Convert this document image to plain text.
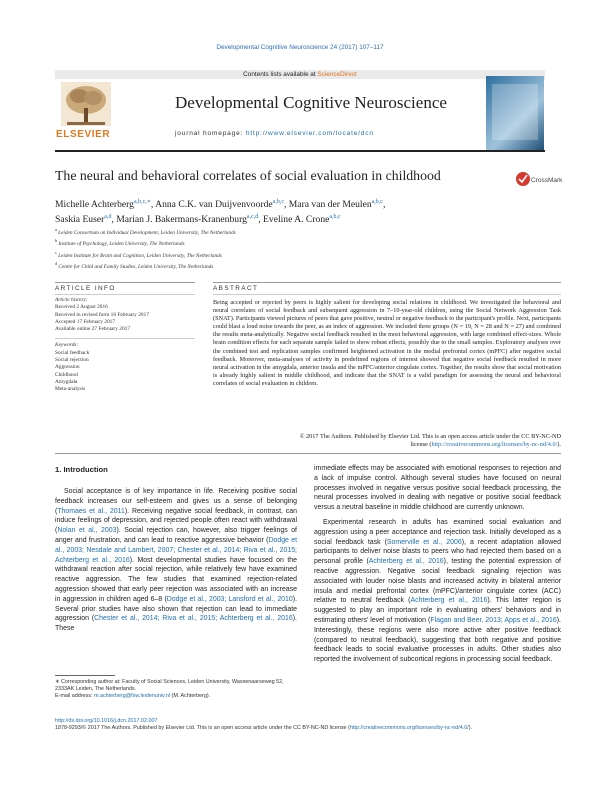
Developmental Cognitive Neuroscience 24 (2017) 107–117
Contents lists available at ScienceDirect
ELSEVIER
Developmental Cognitive Neuroscience
journal homepage: http://www.elsevier.com/locate/dcn
The neural and behavioral correlates of social evaluation in childhood	CrossMark
Michelle Achterberg$^{a,b,c,∗}$, Anna C.K. van Duijvenvoorde$^{a,b,c}$, Mara van der Meulen$^{a,b,c}$,
Saskia Euser$^{a,d}$, Marian J. Bakermans-Kranenburg$^{a,c,d}$, Eveline A. Crone$^{a,b,c}$
$^a$ Leiden Consortium on Individual Development, Leiden University, The Netherlands
$^b$ Institute of Psychology, Leiden University, The Netherlands
$^c$ Leiden Institute for Brain and Cognition, Leiden University, The Netherlands
$^d$ Centre for Child and Family Studies, Leiden University, The Netherlands
ARTICLE INFO	ABSTRACT
Article history:
Received 2 August 2016
Received in revised form 16 February 2017
Accepted 17 February 2017
Available online 27 February 2017
Keywords:
Social feedback
Social rejection
Aggression
Childhood
Amygdala
Meta-analysis
Being accepted or rejected by peers is highly salient for developing social relations in childhood. We investigated the behavioral and neural correlates of social feedback and subsequent aggression in 7–10-year-old children, using the Social Network Aggression Task (SNAT). Participants viewed pictures of peers that gave positive, neutral or negative feedback to the participant's profile. Next, participants could blast a loud noise towards the peer, as an index of aggression. We included three groups (N = 19, N = 28 and N = 27) and combined the results meta-analytically. Negative social feedback resulted in the most behavioral aggression, with large combined effect-sizes. Whole brain condition effects for each separate sample failed to show robust effects, possibly due to the small samples. Exploratory analyses over the combined test and replication samples confirmed heightened activation in the medial prefrontal cortex (mPFC) after negative social feedback. Moreover, meta-analyses of activity in predefined regions of interest showed that negative social feedback resulted in more neural activation in the amygdala, anterior insula and the mPFC/anterior cingulate cortex. Together, the results show that social motivation is already highly salient in middle childhood, and indicate that the SNAT is a valid paradigm for assessing the neural and behavioral correlates of social evaluation in children.
© 2017 The Authors. Published by Elsevier Ltd. This is an open access article under the CC BY-NC-ND
license (http://creativecommons.org/licenses/by-nc-nd/4.0/).
1. Introduction

Social acceptance is of key importance in life. Receiving positive social feedback increases our self-esteem and gives us a sense of belonging (Thomaes et al., 2011). Receiving negative social feedback, in contrast, can induce feelings of depression, and rejected people often react with withdrawal (Nolan et al., 2003). Social rejection can, however, also trigger feelings of anger and frustration, and can lead to reactive aggressive behavior (Dodge et al., 2003; Nesdale and Lambert, 2007; Chester et al., 2014; Riva et al., 2015; Achterberg et al., 2016). Most developmental studies have focused on the withdrawal reaction after social rejection, while relatively few have examined reactive aggression. The few studies that examined rejection-related aggression showed that early peer rejection was associated with an increase in aggression in children aged 6–8 (Dodge et al., 2003; Lansford et al., 2010). Several prior studies have also shown that rejection can lead to immediate aggression (Chester et al., 2014; Riva et al., 2015; Achterberg et al., 2016). These

immediate effects may be associated with emotional responses to rejection and a lack of impulse control. Although several studies have focused on neural processes involved in negative versus positive social feedback processing, the neural processes involved in dealing with negative or positive social feedback versus a neutral baseline in middle childhood are currently unknown.

Experimental research in adults has examined social evaluation and aggression using a peer acceptance and rejection task. Initially developed as a social feedback task (Somerville et al., 2006), a recent adaptation allowed participants to deliver noise blasts to peers who had rejected them based on a personal profile (Achterberg et al., 2016), testing the potential expression of reactive aggression. Negative social feedback signaling rejection was associated with louder noise blasts and increased activity in bilateral anterior insula and medial prefrontal cortex (mPFC)/anterior cingulate cortex (ACC) relative to neutral feedback (Achterberg et al., 2016). This latter region is suggested to play an important role in evaluating others' behaviors and in estimating others' level of motivation (Flagan and Beer, 2013; Apps et al., 2016). Interestingly, these regions were also more active after positive feedback (compared to neutral feedback), suggesting that both negative and positive feedback leads to social evaluative processes in adults. Other studies also reported the involvement of subcortical regions in processing social feedback.

∗ Corresponding author at: Faculty of Social Sciences, Leiden University, Wassenaarseweg 52, 2333AK Leiden, The Netherlands.
E-mail address: m.achterberg@fsw.leidenuniv.nl (M. Achterberg).
http://dx.doi.org/10.1016/j.dcn.2017.02.007
1878-9293/© 2017 The Authors. Published by Elsevier Ltd. This is an open access article under the CC BY-NC-ND license (http://creativecommons.org/licenses/by-nc-nd/4.0/).
